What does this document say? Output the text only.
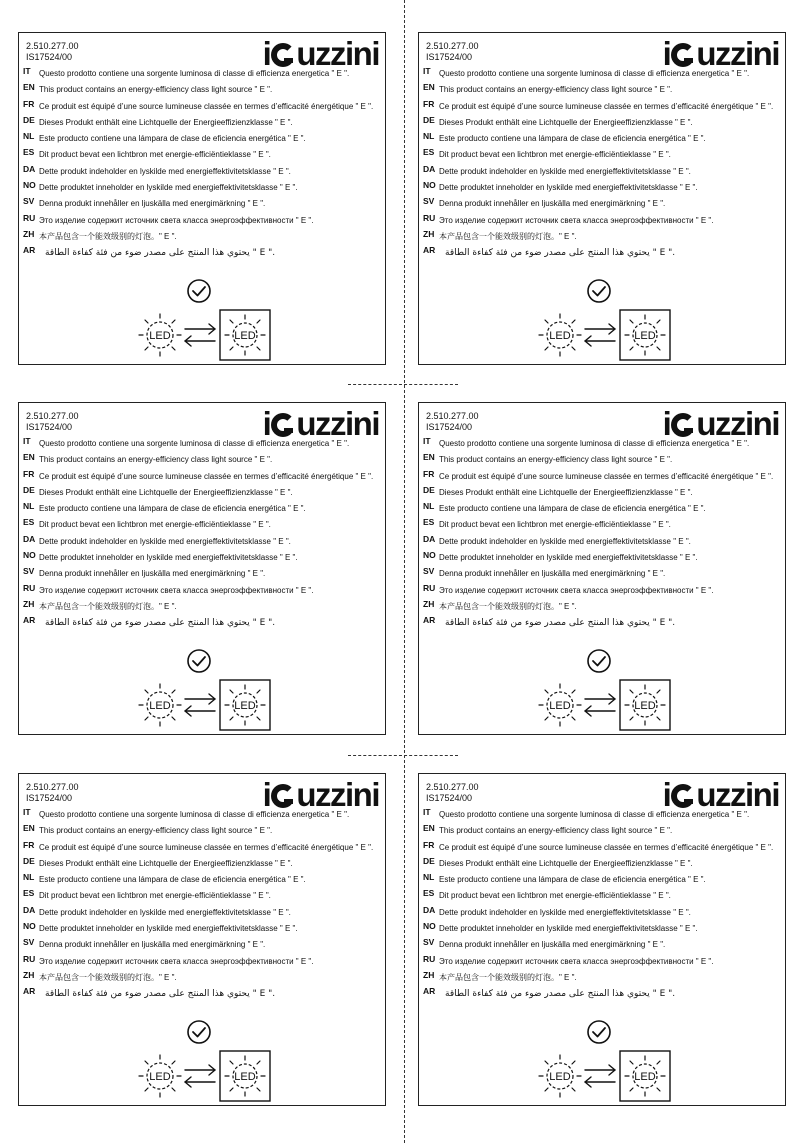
2.510.277.00
IS17524/00	i uzzini
IT	Questo prodotto contiene una sorgente luminosa di classe di efficienza energetica " E ".
EN This product contains an energy-efficiency class light source " E ".
FR Ce produit est équipé d’une source lumineuse classée en termes d’efficacité énergétique " E ".
DE Dieses Produkt enthält eine Lichtquelle der Energieeffizienzklasse " E ".
NL Este producto contiene una lámpara de clase de eficiencia energética " E ".
ES Dit product bevat een lichtbron met energie-efficiëntieklasse " E ".
DA Dette produkt indeholder en lyskilde med energieffektivitetsklasse " E ".
NO Dette produktet inneholder en lyskilde med energieffektivitetsklasse " E ".
SV Denna produkt innehåller en ljuskälla med energimärkning " E ".
RU Это изделие содержит источник света класса энергоэффективности " E ".
ZH 本产品包含一个能效级别的灯泡。" E ".
AR	." E " يحتوي هذا المنتج على مصدر ضوء من فئة كفاءة الطاقة
LED	LED
2.510.277.00
IS17524/00	i uzzini
IT	Questo prodotto contiene una sorgente luminosa di classe di efficienza energetica " E ".
EN This product contains an energy-efficiency class light source " E ".
FR Ce produit est équipé d’une source lumineuse classée en termes d’efficacité énergétique " E ".
DE Dieses Produkt enthält eine Lichtquelle der Energieeffizienzklasse " E ".
NL Este producto contiene una lámpara de clase de eficiencia energética " E ".
ES Dit product bevat een lichtbron met energie-efficiëntieklasse " E ".
DA Dette produkt indeholder en lyskilde med energieffektivitetsklasse " E ".
NO Dette produktet inneholder en lyskilde med energieffektivitetsklasse " E ".
SV Denna produkt innehåller en ljuskälla med energimärkning " E ".
RU Это изделие содержит источник света класса энергоэффективности " E ".
ZH 本产品包含一个能效级别的灯泡。" E ".
AR	." E " يحتوي هذا المنتج على مصدر ضوء من فئة كفاءة الطاقة
LED	LED
2.510.277.00
IS17524/00	i uzzini
IT	Questo prodotto contiene una sorgente luminosa di classe di efficienza energetica " E ".
EN This product contains an energy-efficiency class light source " E ".
FR Ce produit est équipé d’une source lumineuse classée en termes d’efficacité énergétique " E ".
DE Dieses Produkt enthält eine Lichtquelle der Energieeffizienzklasse " E ".
NL Este producto contiene una lámpara de clase de eficiencia energética " E ".
ES Dit product bevat een lichtbron met energie-efficiëntieklasse " E ".
DA Dette produkt indeholder en lyskilde med energieffektivitetsklasse " E ".
NO Dette produktet inneholder en lyskilde med energieffektivitetsklasse " E ".
SV Denna produkt innehåller en ljuskälla med energimärkning " E ".
RU Это изделие содержит источник света класса энергоэффективности " E ".
ZH 本产品包含一个能效级别的灯泡。" E ".
AR	." E " يحتوي هذا المنتج على مصدر ضوء من فئة كفاءة الطاقة
LED	LED
2.510.277.00
IS17524/00	i uzzini
IT	Questo prodotto contiene una sorgente luminosa di classe di efficienza energetica " E ".
EN This product contains an energy-efficiency class light source " E ".
FR Ce produit est équipé d’une source lumineuse classée en termes d’efficacité énergétique " E ".
DE Dieses Produkt enthält eine Lichtquelle der Energieeffizienzklasse " E ".
NL Este producto contiene una lámpara de clase de eficiencia energética " E ".
ES Dit product bevat een lichtbron met energie-efficiëntieklasse " E ".
DA Dette produkt indeholder en lyskilde med energieffektivitetsklasse " E ".
NO Dette produktet inneholder en lyskilde med energieffektivitetsklasse " E ".
SV Denna produkt innehåller en ljuskälla med energimärkning " E ".
RU Это изделие содержит источник света класса энергоэффективности " E ".
ZH 本产品包含一个能效级别的灯泡。" E ".
AR	." E " يحتوي هذا المنتج على مصدر ضوء من فئة كفاءة الطاقة
LED	LED
2.510.277.00
IS17524/00	i uzzini
IT	Questo prodotto contiene una sorgente luminosa di classe di efficienza energetica " E ".
EN This product contains an energy-efficiency class light source " E ".
FR Ce produit est équipé d’une source lumineuse classée en termes d’efficacité énergétique " E ".
DE Dieses Produkt enthält eine Lichtquelle der Energieeffizienzklasse " E ".
NL Este producto contiene una lámpara de clase de eficiencia energética " E ".
ES Dit product bevat een lichtbron met energie-efficiëntieklasse " E ".
DA Dette produkt indeholder en lyskilde med energieffektivitetsklasse " E ".
NO Dette produktet inneholder en lyskilde med energieffektivitetsklasse " E ".
SV Denna produkt innehåller en ljuskälla med energimärkning " E ".
RU Это изделие содержит источник света класса энергоэффективности " E ".
ZH 本产品包含一个能效级别的灯泡。" E ".
AR	." E " يحتوي هذا المنتج على مصدر ضوء من فئة كفاءة الطاقة
LED	LED
2.510.277.00
IS17524/00	i uzzini
IT	Questo prodotto contiene una sorgente luminosa di classe di efficienza energetica " E ".
EN This product contains an energy-efficiency class light source " E ".
FR Ce produit est équipé d’une source lumineuse classée en termes d’efficacité énergétique " E ".
DE Dieses Produkt enthält eine Lichtquelle der Energieeffizienzklasse " E ".
NL Este producto contiene una lámpara de clase de eficiencia energética " E ".
ES Dit product bevat een lichtbron met energie-efficiëntieklasse " E ".
DA Dette produkt indeholder en lyskilde med energieffektivitetsklasse " E ".
NO Dette produktet inneholder en lyskilde med energieffektivitetsklasse " E ".
SV Denna produkt innehåller en ljuskälla med energimärkning " E ".
RU Это изделие содержит источник света класса энергоэффективности " E ".
ZH 本产品包含一个能效级别的灯泡。" E ".
AR	." E " يحتوي هذا المنتج على مصدر ضوء من فئة كفاءة الطاقة
LED	LED
